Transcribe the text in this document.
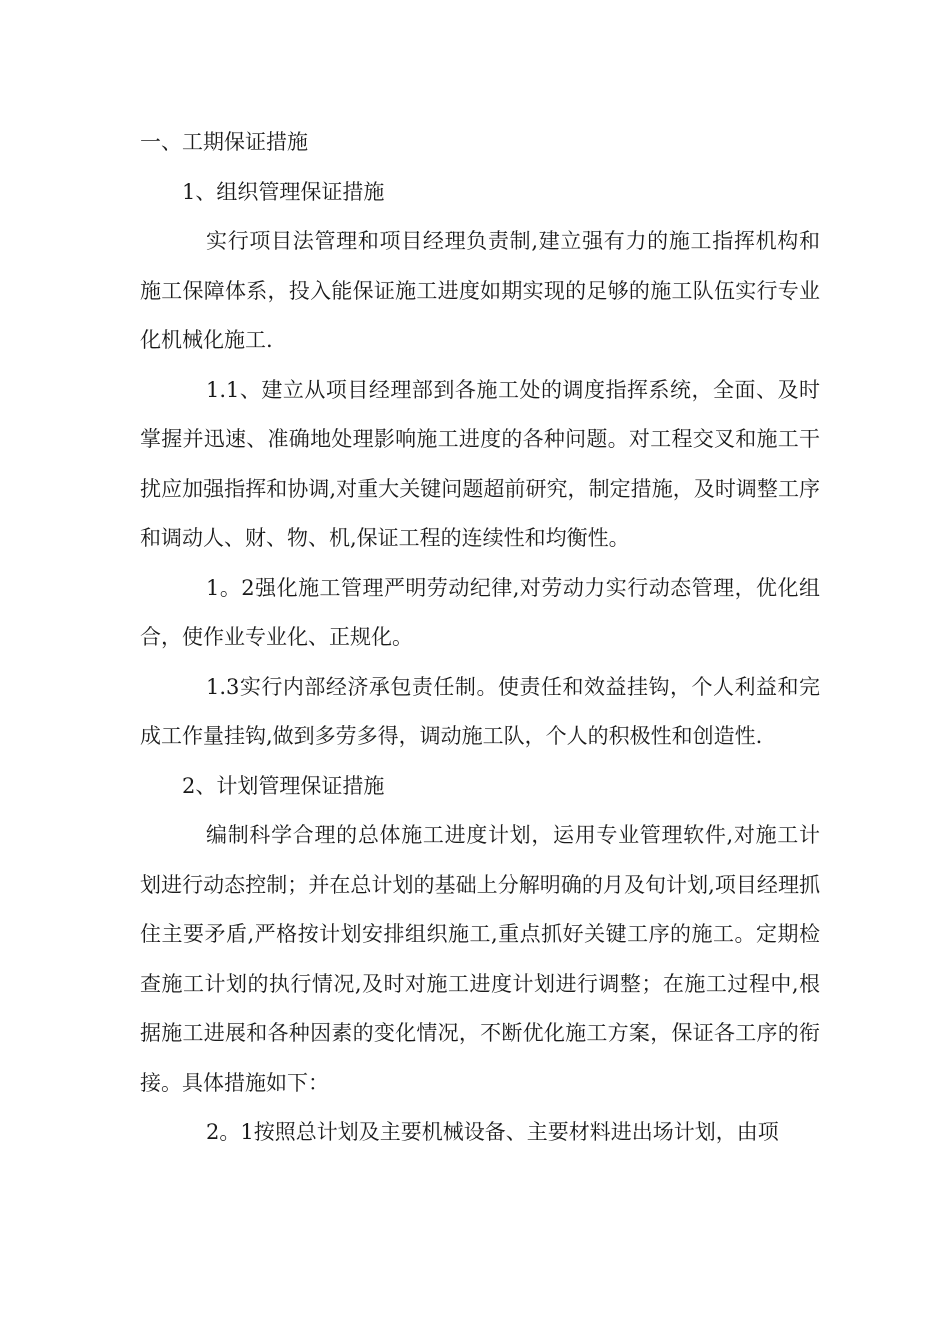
一、工期保证措施

1、组织管理保证措施

实行项目法管理和项目经理负责制,建立强有力的施工指挥机构和施工保障体系，投入能保证施工进度如期实现的足够的施工队伍实行专业化机械化施工.

1.1、建立从项目经理部到各施工处的调度指挥系统，全面、及时掌握并迅速、准确地处理影响施工进度的各种问题。对工程交叉和施工干扰应加强指挥和协调,对重大关键问题超前研究，制定措施，及时调整工序和调动人、财、物、机,保证工程的连续性和均衡性。

1。2强化施工管理严明劳动纪律,对劳动力实行动态管理，优化组合，使作业专业化、正规化。

1.3实行内部经济承包责任制。使责任和效益挂钩，个人利益和完成工作量挂钩,做到多劳多得，调动施工队，个人的积极性和创造性.

2、计划管理保证措施

编制科学合理的总体施工进度计划，运用专业管理软件,对施工计划进行动态控制；并在总计划的基础上分解明确的月及旬计划,项目经理抓住主要矛盾,严格按计划安排组织施工,重点抓好关键工序的施工。定期检查施工计划的执行情况,及时对施工进度计划进行调整；在施工过程中,根据施工进展和各种因素的变化情况，不断优化施工方案，保证各工序的衔接。具体措施如下：

2。1按照总计划及主要机械设备、主要材料进出场计划，由项
